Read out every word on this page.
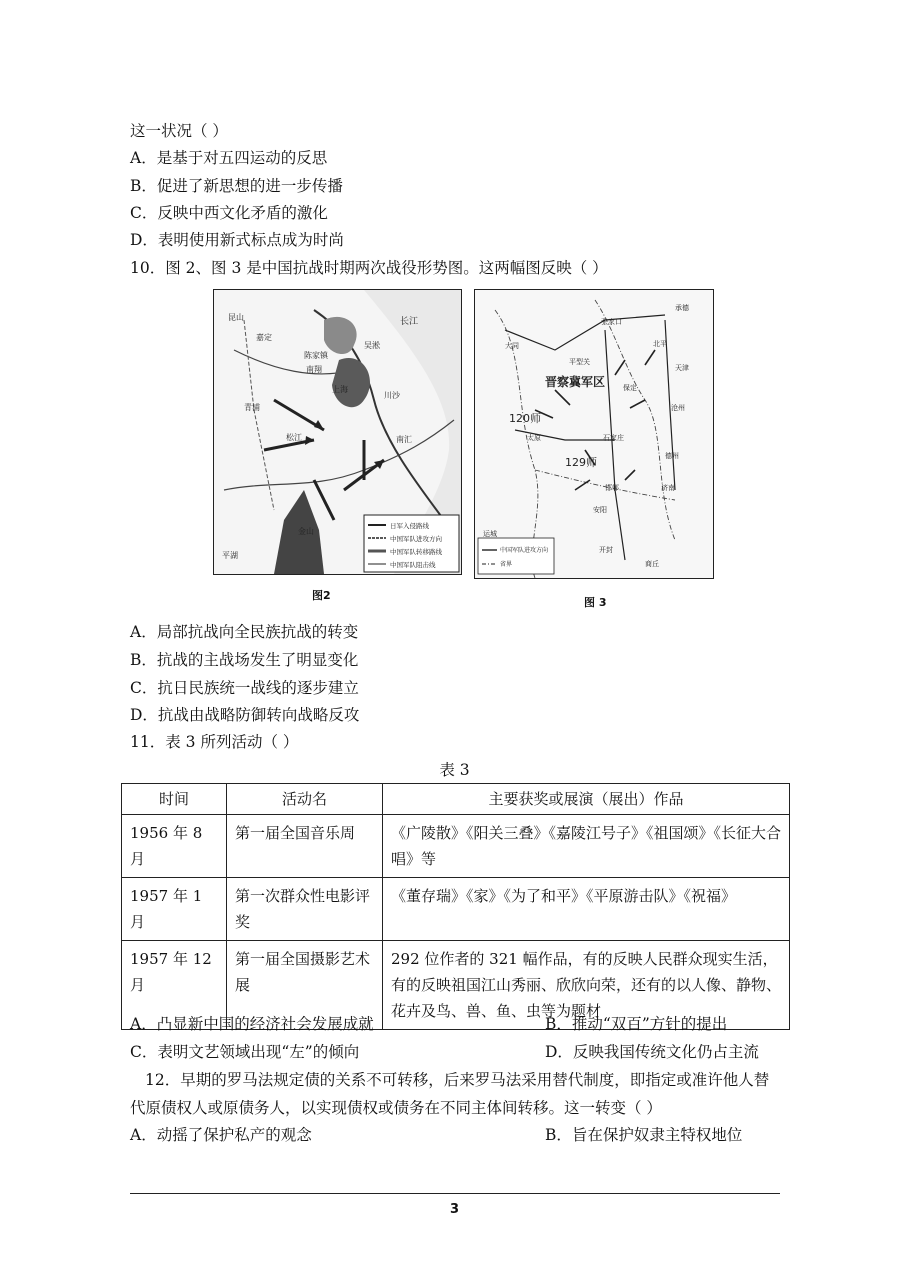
这一状况（ ）
A．是基于对五四运动的反思
B．促进了新思想的进一步传播
C．反映中西文化矛盾的激化
D．表明使用新式标点成为时尚
10．图 2、图 3 是中国抗战时期两次战役形势图。这两幅图反映（ ）
昆山
嘉定
陈家镇
南翔
吴淞
上海
川沙
南汇
松江
青浦
金山
平湖
长江
日军入侵路线
中国军队进攻方向
中国军队转移路线
中国军队阻击线
图2
晋察冀军区
120师
129师
张家口
承德
大同
平型关
太原	石家庄
保定
北平
天津
沧州
德州
济南
开封
商丘
安阳
邯郸
运城
中国军队进攻方向
省界
图 3
A．局部抗战向全民族抗战的转变
B．抗战的主战场发生了明显变化
C．抗日民族统一战线的逐步建立
D．抗战由战略防御转向战略反攻
11．表 3 所列活动（ ）
表 3
时间	活动名	主要获奖或展演（展出）作品
1956 年 8 月	第一届全国音乐周	《广陵散》《阳关三叠》《嘉陵江号子》《祖国颂》《长征大合唱》等
1957 年 1 月	第一次群众性电影评奖	《董存瑞》《家》《为了和平》《平原游击队》《祝福》
1957 年 12 月	第一届全国摄影艺术展	292 位作者的 321 幅作品，有的反映人民群众现实生活，有的反映祖国江山秀丽、欣欣向荣，还有的以人像、静物、花卉及鸟、兽、鱼、虫等为题材
A．凸显新中国的经济社会发展成就	B．推动“双百”方针的提出
C．表明文艺领域出现“左”的倾向	D．反映我国传统文化仍占主流
12．早期的罗马法规定债的关系不可转移，后来罗马法采用替代制度，即指定或准许他人替
代原债权人或原债务人，以实现债权或债务在不同主体间转移。这一转变（ ）
A．动摇了保护私产的观念	B．旨在保护奴隶主特权地位
3
